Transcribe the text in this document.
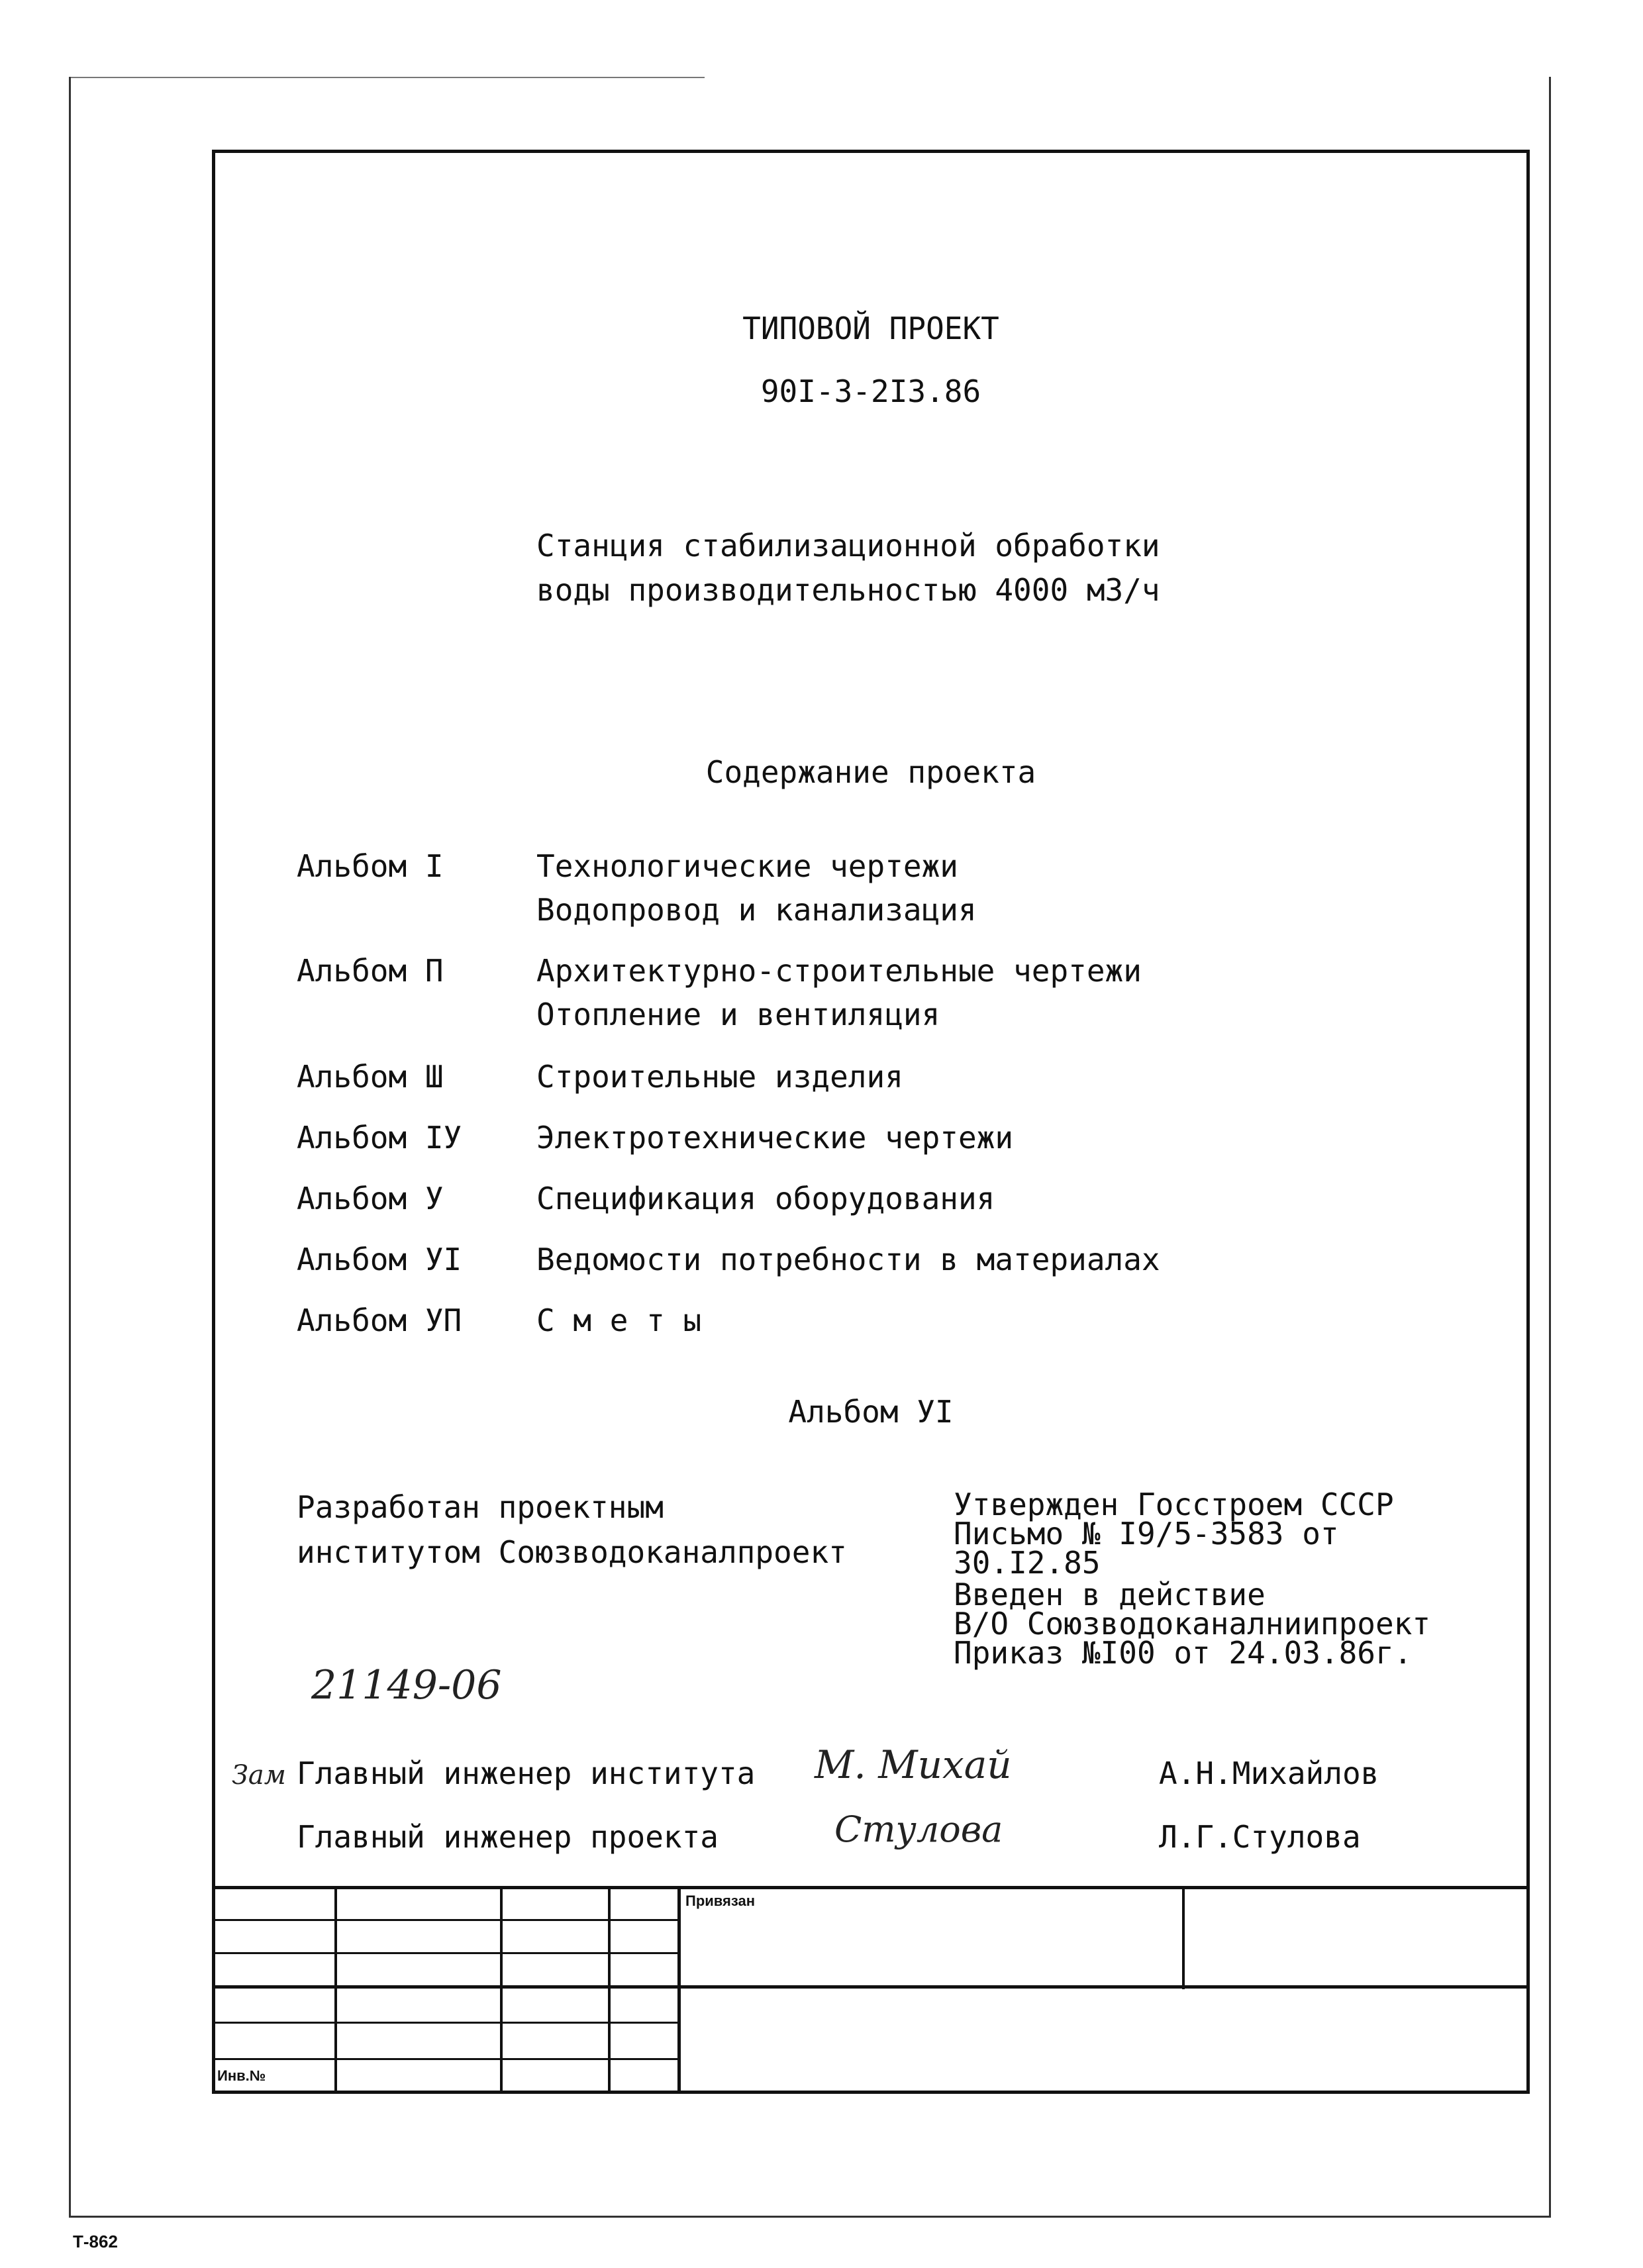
ТИПОВОЙ ПРОЕКТ
90I-3-2I3.86
Станция стабилизационной обработки
воды производительностью 4000 м3/ч
Содержание проекта
Альбом I	Технологические чертежи
Водопровод и канализация
Альбом П	Архитектурно-строительные чертежи
Отопление и вентиляция
Альбом Ш	Строительные изделия
Альбом IУ Электротехнические чертежи
Альбом У	Спецификация оборудования
Альбом УI Ведомости потребности в материалах
Альбом УП С м е т ы
Альбом УI
Разработан проектным
институтом Союзводоканалпроект
Утвержден Госстроем СССР
Письмо № I9/5-3583 от
30.I2.85
Введен в действие
В/О Союзводоканалниипроект
Приказ №I00 от 24.03.86г.
21149-06
Зам Главный инженер института М. Михай	А.Н.Михайлов
Главный инженер проекта	Стулова	Л.Г.Стулова
Привязан
Инв.№
Т-862
